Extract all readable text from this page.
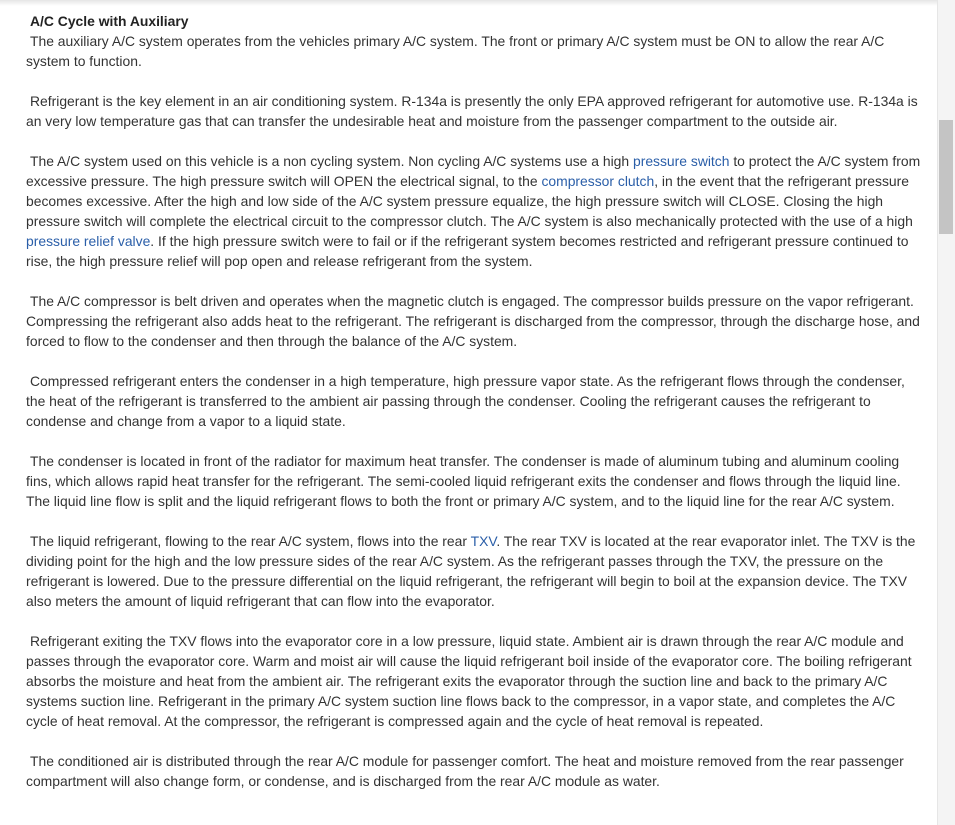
A/C Cycle with Auxiliary

The auxiliary A/C system operates from the vehicles primary A/C system. The front or primary A/C system must be ON to allow the rear A/C system to function.

Refrigerant is the key element in an air conditioning system. R-134a is presently the only EPA approved refrigerant for automotive use. R-134a is an very low temperature gas that can transfer the undesirable heat and moisture from the passenger compartment to the outside air.

The A/C system used on this vehicle is a non cycling system. Non cycling A/C systems use a high pressure switch to protect the A/C system from excessive pressure. The high pressure switch will OPEN the electrical signal, to the compressor clutch, in the event that the refrigerant pressure becomes excessive. After the high and low side of the A/C system pressure equalize, the high pressure switch will CLOSE. Closing the high pressure switch will complete the electrical circuit to the compressor clutch. The A/C system is also mechanically protected with the use of a high pressure relief valve. If the high pressure switch were to fail or if the refrigerant system becomes restricted and refrigerant pressure continued to rise, the high pressure relief will pop open and release refrigerant from the system.

The A/C compressor is belt driven and operates when the magnetic clutch is engaged. The compressor builds pressure on the vapor refrigerant. Compressing the refrigerant also adds heat to the refrigerant. The refrigerant is discharged from the compressor, through the discharge hose, and forced to flow to the condenser and then through the balance of the A/C system.

Compressed refrigerant enters the condenser in a high temperature, high pressure vapor state. As the refrigerant flows through the condenser, the heat of the refrigerant is transferred to the ambient air passing through the condenser. Cooling the refrigerant causes the refrigerant to condense and change from a vapor to a liquid state.

The condenser is located in front of the radiator for maximum heat transfer. The condenser is made of aluminum tubing and aluminum cooling fins, which allows rapid heat transfer for the refrigerant. The semi-cooled liquid refrigerant exits the condenser and flows through the liquid line. The liquid line flow is split and the liquid refrigerant flows to both the front or primary A/C system, and to the liquid line for the rear A/C system.

The liquid refrigerant, flowing to the rear A/C system, flows into the rear TXV. The rear TXV is located at the rear evaporator inlet. The TXV is the dividing point for the high and the low pressure sides of the rear A/C system. As the refrigerant passes through the TXV, the pressure on the refrigerant is lowered. Due to the pressure differential on the liquid refrigerant, the refrigerant will begin to boil at the expansion device. The TXV also meters the amount of liquid refrigerant that can flow into the evaporator.

Refrigerant exiting the TXV flows into the evaporator core in a low pressure, liquid state. Ambient air is drawn through the rear A/C module and passes through the evaporator core. Warm and moist air will cause the liquid refrigerant boil inside of the evaporator core. The boiling refrigerant absorbs the moisture and heat from the ambient air. The refrigerant exits the evaporator through the suction line and back to the primary A/C systems suction line. Refrigerant in the primary A/C system suction line flows back to the compressor, in a vapor state, and completes the A/C cycle of heat removal. At the compressor, the refrigerant is compressed again and the cycle of heat removal is repeated.

The conditioned air is distributed through the rear A/C module for passenger comfort. The heat and moisture removed from the rear passenger compartment will also change form, or condense, and is discharged from the rear A/C module as water.
